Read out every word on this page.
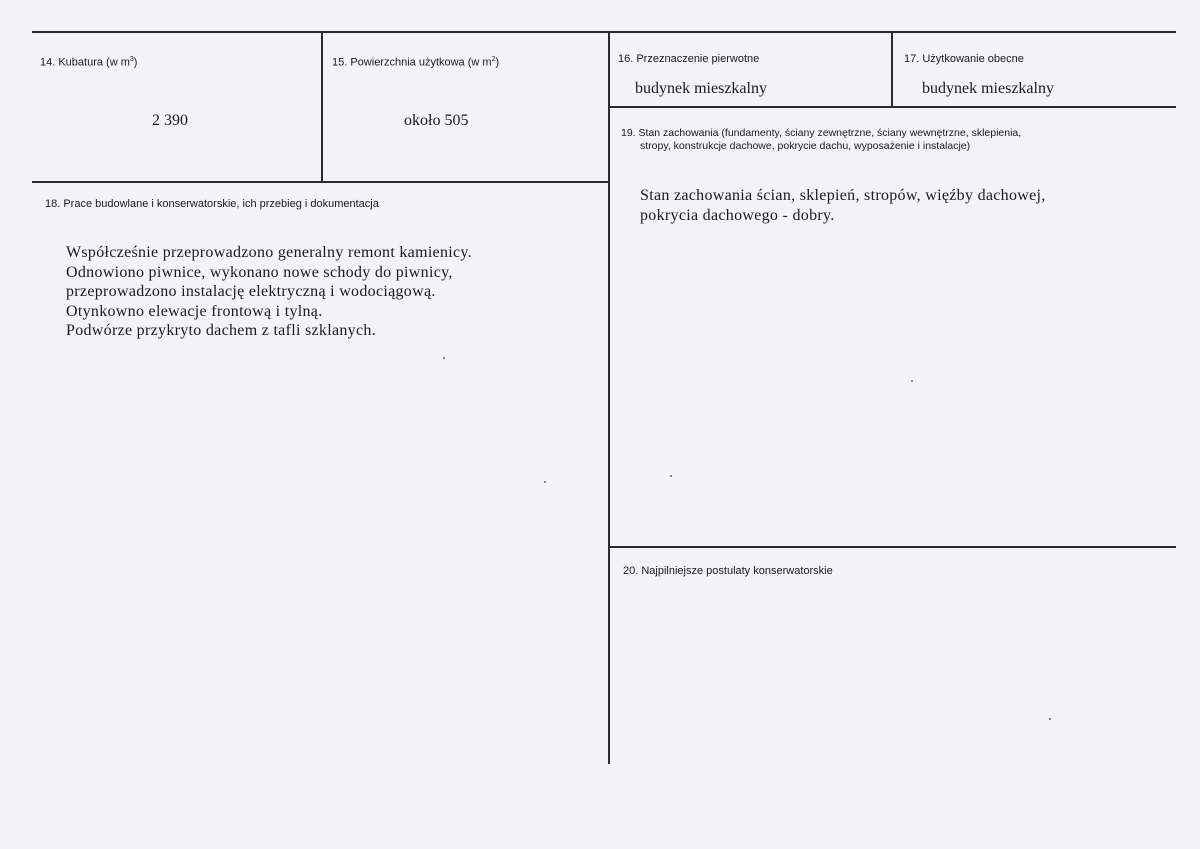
14. Kubatura (w $m^3$)
2 390
15. Powierzchnia użytkowa (w $m^2$)
około 505
16. Przeznaczenie pierwotne
budynek mieszkalny
17. Użytkowanie obecne
budynek mieszkalny
19. Stan zachowania (fundamenty, ściany zewnętrzne, ściany wewnętrzne, sklepienia,
stropy, konstrukcje dachowe, pokrycie dachu, wyposażenie i instalacje)
Stan zachowania ścian, sklepień, stropów, więźby dachowej,
pokrycia dachowego - dobry.
18. Prace budowlane i konserwatorskie, ich przebieg i dokumentacja
Współcześnie przeprowadzono generalny remont kamienicy.
Odnowiono piwnice, wykonano nowe schody do piwnicy,
przeprowadzono instalację elektryczną i wodociągową.
Otynkowno elewacje frontową i tylną.
Podwórze przykryto dachem z tafli szklanych.
20. Najpilniejsze postulaty konserwatorskie
